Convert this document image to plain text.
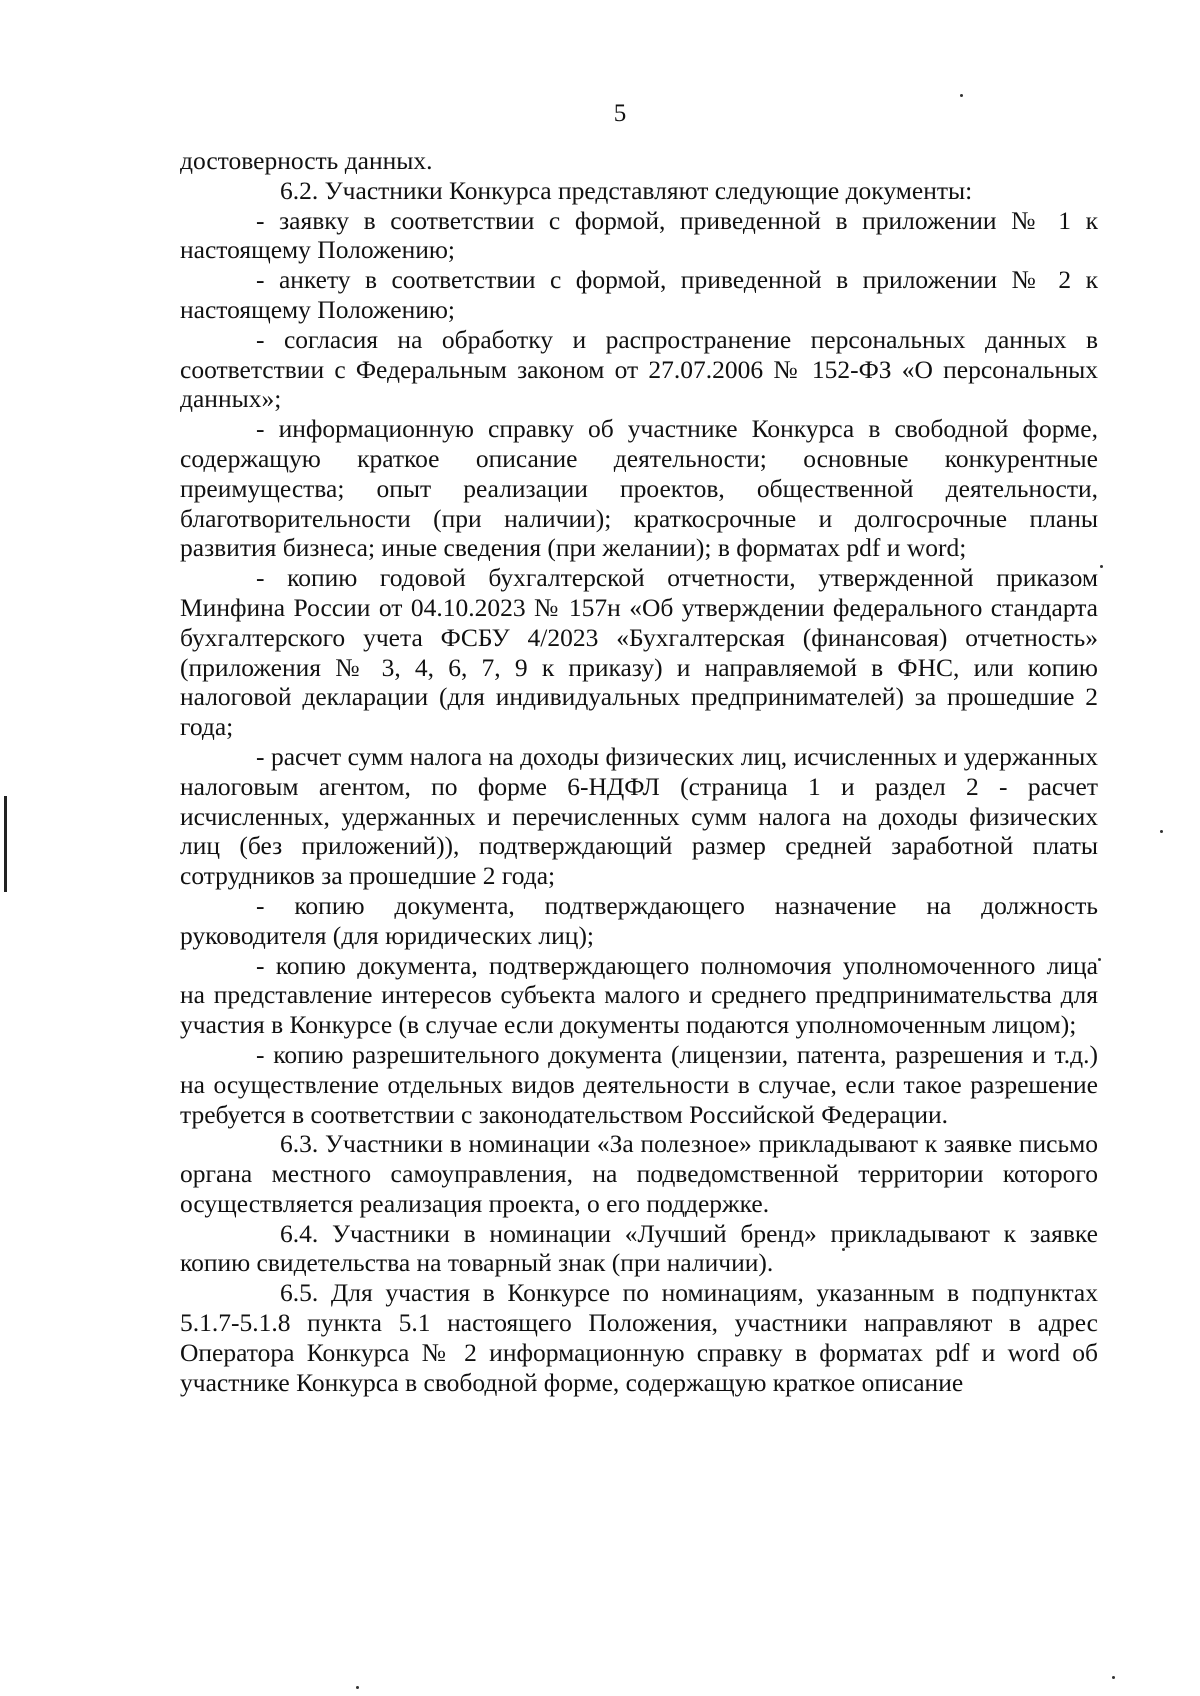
5

достоверность данных.

6.2. Участники Конкурса представляют следующие документы:

- заявку в соответствии с формой, приведенной в приложении № 1 к настоящему Положению;

- анкету в соответствии с формой, приведенной в приложении № 2 к настоящему Положению;

- согласия на обработку и распространение персональных данных в соответствии с Федеральным законом от 27.07.2006 № 152-ФЗ «О персональных данных»;

- информационную справку об участнике Конкурса в свободной форме, содержащую краткое описание деятельности; основные конкурентные преимущества; опыт реализации проектов, общественной деятельности, благотворительности (при наличии); краткосрочные и долгосрочные планы развития бизнеса; иные сведения (при желании); в форматах pdf и word;

- копию годовой бухгалтерской отчетности, утвержденной приказом Минфина России от 04.10.2023 № 157н «Об утверждении федерального стандарта бухгалтерского учета ФСБУ 4/2023 «Бухгалтерская (финансовая) отчетность» (приложения № 3, 4, 6, 7, 9 к приказу) и направляемой в ФНС, или копию налоговой декларации (для индивидуальных предпринимателей) за прошедшие 2 года;

- расчет сумм налога на доходы физических лиц, исчисленных и удержанных налоговым агентом, по форме 6-НДФЛ (страница 1 и раздел 2 - расчет исчисленных, удержанных и перечисленных сумм налога на доходы физических лиц (без приложений)), подтверждающий размер средней заработной платы сотрудников за прошедшие 2 года;

- копию документа, подтверждающего назначение на должность руководителя (для юридических лиц);

- копию документа, подтверждающего полномочия уполномоченного лица на представление интересов субъекта малого и среднего предпринимательства для участия в Конкурсе (в случае если документы подаются уполномоченным лицом);

- копию разрешительного документа (лицензии, патента, разрешения и т.д.) на осуществление отдельных видов деятельности в случае, если такое разрешение требуется в соответствии с законодательством Российской Федерации.

6.3. Участники в номинации «За полезное» прикладывают к заявке письмо органа местного самоуправления, на подведомственной территории которого осуществляется реализация проекта, о его поддержке.

6.4. Участники в номинации «Лучший бренд» прикладывают к заявке копию свидетельства на товарный знак (при наличии).

6.5. Для участия в Конкурсе по номинациям, указанным в подпунктах 5.1.7-5.1.8 пункта 5.1 настоящего Положения, участники направляют в адрес Оператора Конкурса № 2 информационную справку в форматах pdf и word об участнике Конкурса в свободной форме, содержащую краткое описание
